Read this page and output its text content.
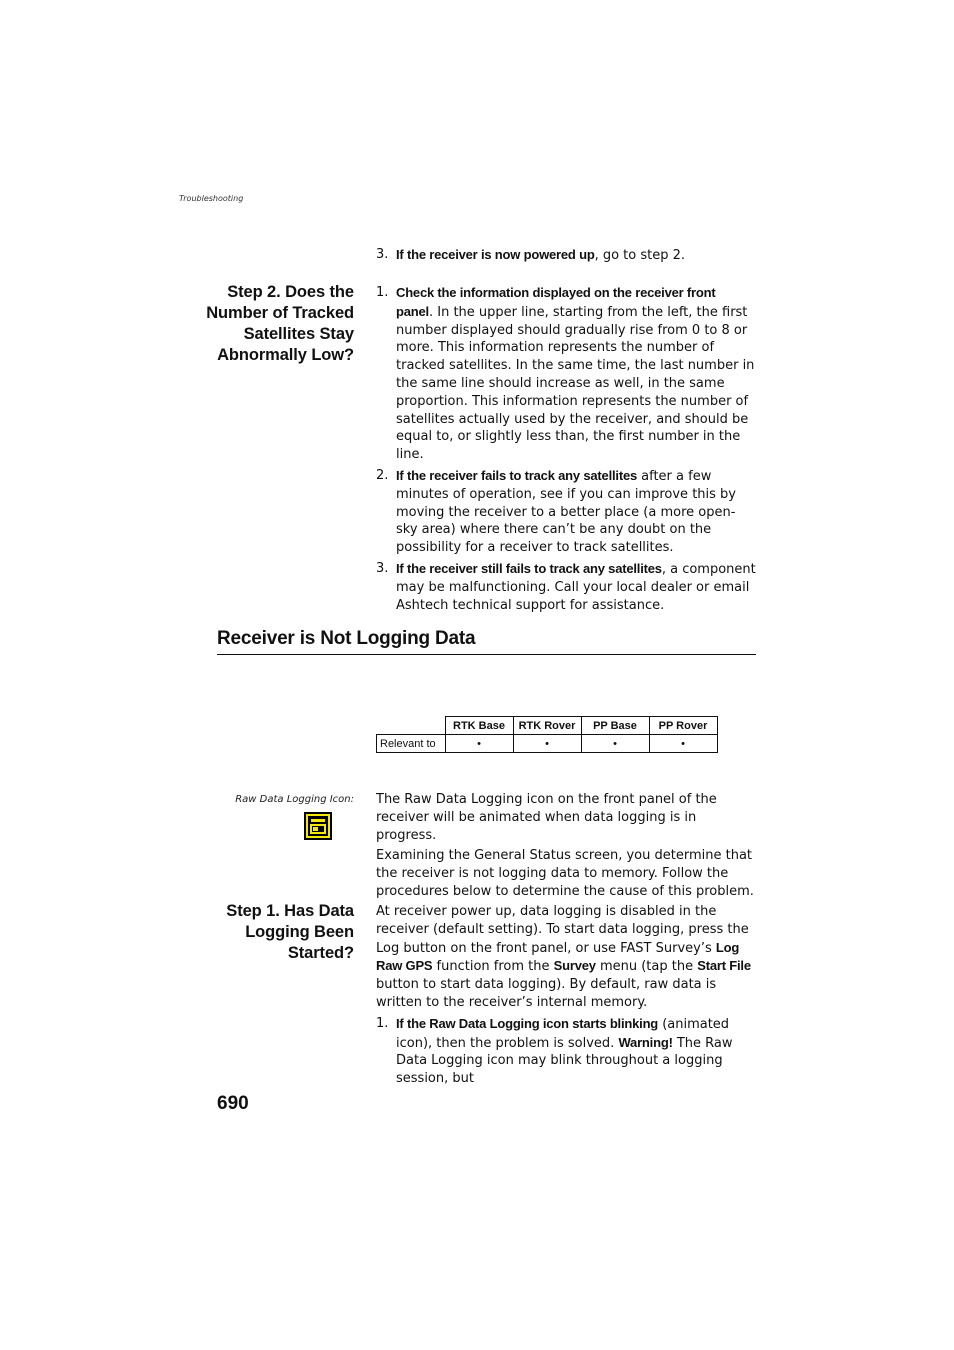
Troubleshooting
3. If the receiver is now powered up, go to step 2.
Step 2. Does the
Number of Tracked
Satellites Stay
Abnormally Low?
1. Check the information displayed on the receiver front panel. In the upper line, starting from the left, the first number displayed should gradually rise from 0 to 8 or more. This information represents the number of tracked satellites. In the same time, the last number in the same line should increase as well, in the same proportion. This information represents the number of satellites actually used by the receiver, and should be equal to, or slightly less than, the first number in the line.
2. If the receiver fails to track any satellites after a few minutes of operation, see if you can improve this by moving the receiver to a better place (a more open-sky area) where there can’t be any doubt on the possibility for a receiver to track satellites.
3. If the receiver still fails to track any satellites, a component may be malfunctioning. Call your local dealer or email Ashtech technical support for assistance.
Receiver is Not Logging Data
	RTK Base	RTK Rover	PP Base	PP Rover
Relevant to	•	•	•	•
Raw Data Logging Icon: The Raw Data Logging icon on the front panel of the receiver will be animated when data logging is in progress.

Examining the General Status screen, you determine that the receiver is not logging data to memory. Follow the procedures below to determine the cause of this problem.

Step 1. Has Data
Logging Been
Started?

At receiver power up, data logging is disabled in the receiver (default setting). To start data logging, press the Log button on the front panel, or use FAST Survey’s Log Raw GPS function from the Survey menu (tap the Start File button to start data logging). By default, raw data is written to the receiver’s internal memory.

1. If the Raw Data Logging icon starts blinking (animated icon), then the problem is solved. Warning! The Raw Data Logging icon may blink throughout a logging session, but
690
